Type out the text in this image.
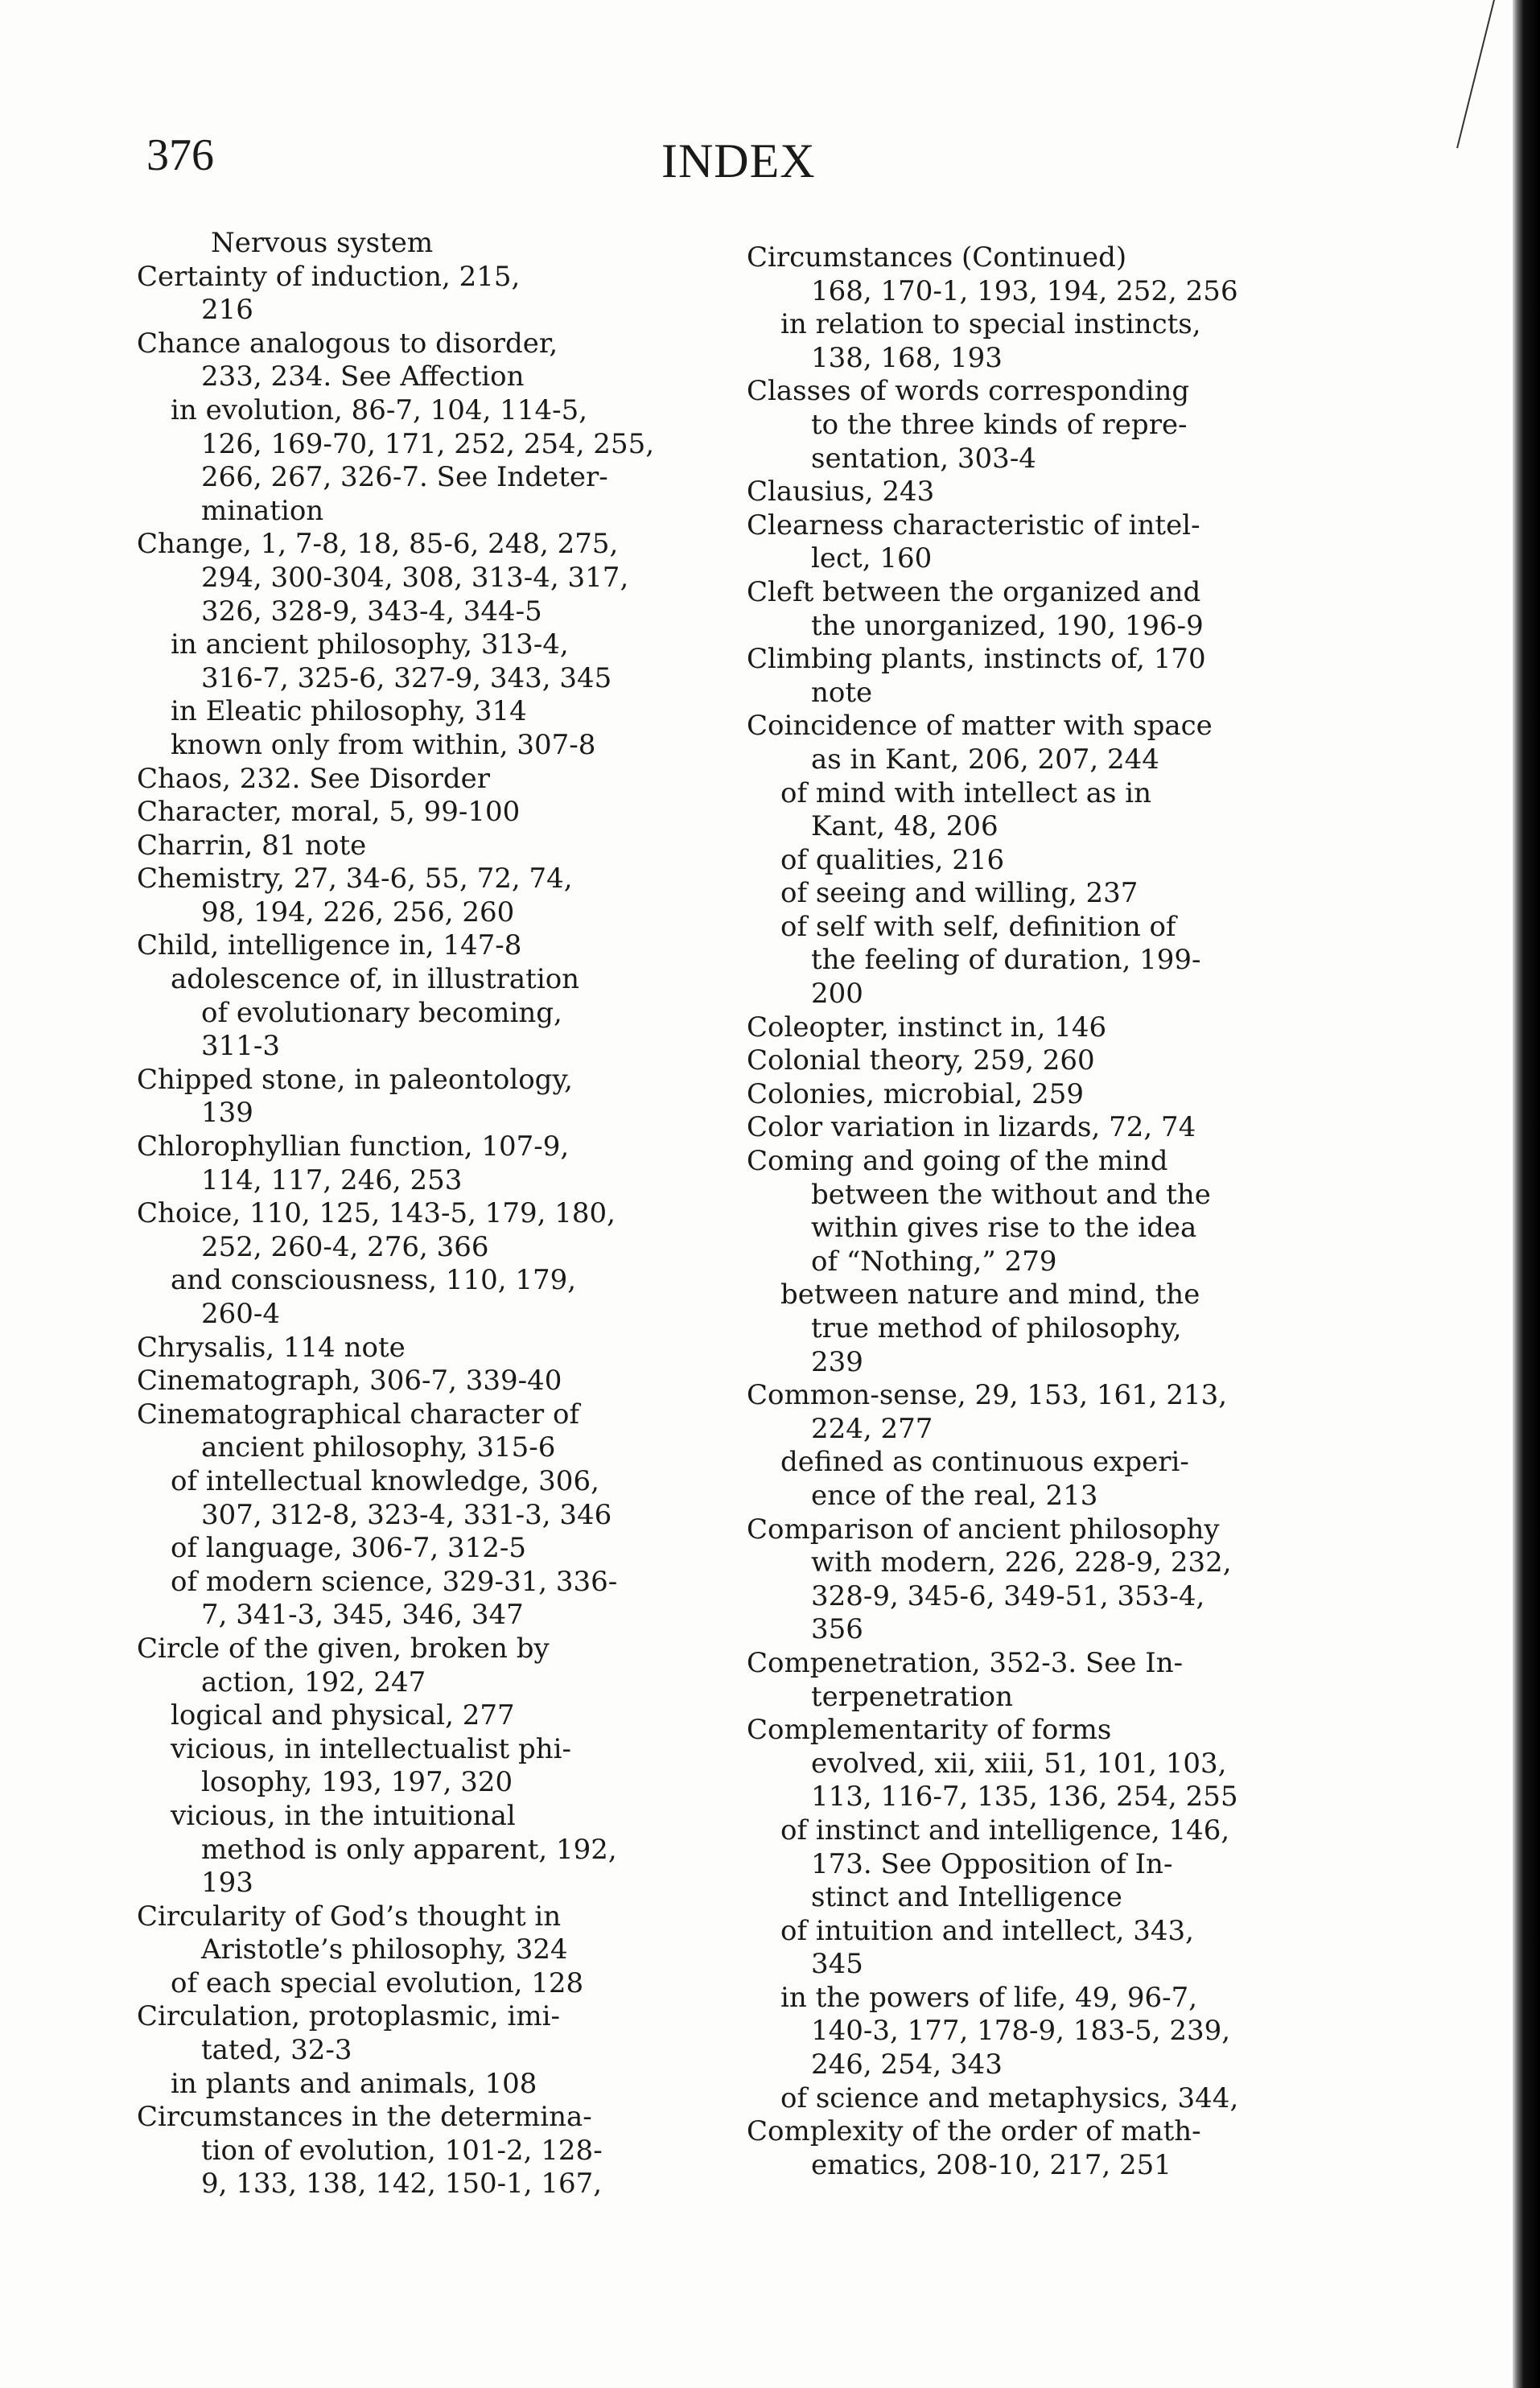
376	INDEX
Nervous system
Certainty of induction, 215,
216
Chance analogous to disorder,
233, 234. See Affection
in evolution, 86-7, 104, 114-5,
126, 169-70, 171, 252, 254, 255,
266, 267, 326-7. See Indeter-
mination
Change, 1, 7-8, 18, 85-6, 248, 275,
294, 300-304, 308, 313-4, 317,
326, 328-9, 343-4, 344-5
in ancient philosophy, 313-4,
316-7, 325-6, 327-9, 343, 345
in Eleatic philosophy, 314
known only from within, 307-8
Chaos, 232. See Disorder
Character, moral, 5, 99-100
Charrin, 81 note
Chemistry, 27, 34-6, 55, 72, 74,
98, 194, 226, 256, 260
Child, intelligence in, 147-8
adolescence of, in illustration
of evolutionary becoming,
311-3
Chipped stone, in paleontology,
139
Chlorophyllian function, 107-9,
114, 117, 246, 253
Choice, 110, 125, 143-5, 179, 180,
252, 260-4, 276, 366
and consciousness, 110, 179,
260-4
Chrysalis, 114 note
Cinematograph, 306-7, 339-40
Cinematographical character of
ancient philosophy, 315-6
of intellectual knowledge, 306,
307, 312-8, 323-4, 331-3, 346
of language, 306-7, 312-5
of modern science, 329-31, 336-
7, 341-3, 345, 346, 347
Circle of the given, broken by
action, 192, 247
logical and physical, 277
vicious, in intellectualist phi-
losophy, 193, 197, 320
vicious, in the intuitional
method is only apparent, 192,
193
Circularity of God’s thought in
Aristotle’s philosophy, 324
of each special evolution, 128
Circulation, protoplasmic, imi-
tated, 32-3
in plants and animals, 108
Circumstances in the determina-
tion of evolution, 101-2, 128-
9, 133, 138, 142, 150-1, 167,
Circumstances (Continued)
168, 170-1, 193, 194, 252, 256
in relation to special instincts,
138, 168, 193
Classes of words corresponding
to the three kinds of repre-
sentation, 303-4
Clausius, 243
Clearness characteristic of intel-
lect, 160
Cleft between the organized and
the unorganized, 190, 196-9
Climbing plants, instincts of, 170
note
Coincidence of matter with space
as in Kant, 206, 207, 244
of mind with intellect as in
Kant, 48, 206
of qualities, 216
of seeing and willing, 237
of self with self, definition of
the feeling of duration, 199-
200
Coleopter, instinct in, 146
Colonial theory, 259, 260
Colonies, microbial, 259
Color variation in lizards, 72, 74
Coming and going of the mind
between the without and the
within gives rise to the idea
of “Nothing,” 279
between nature and mind, the
true method of philosophy,
239
Common-sense, 29, 153, 161, 213,
224, 277
defined as continuous experi-
ence of the real, 213
Comparison of ancient philosophy
with modern, 226, 228-9, 232,
328-9, 345-6, 349-51, 353-4,
356
Compenetration, 352-3. See In-
terpenetration
Complementarity of forms
evolved, xii, xiii, 51, 101, 103,
113, 116-7, 135, 136, 254, 255
of instinct and intelligence, 146,
173. See Opposition of In-
stinct and Intelligence
of intuition and intellect, 343,
345
in the powers of life, 49, 96-7,
140-3, 177, 178-9, 183-5, 239,
246, 254, 343
of science and metaphysics, 344,
Complexity of the order of math-
ematics, 208-10, 217, 251
